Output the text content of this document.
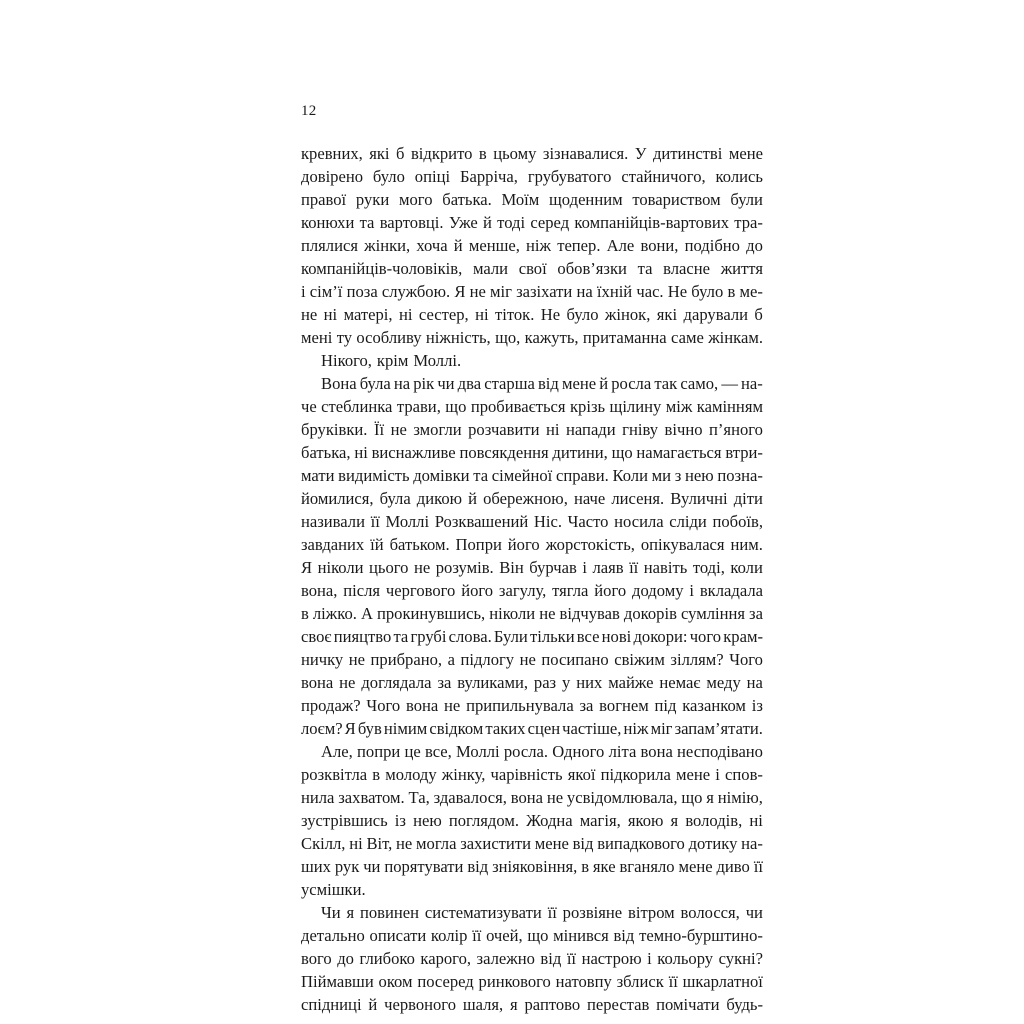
12
кревних, які б відкрито в цьому зізнавалися. У дитинстві мене
довірено було опіці Барріча, грубуватого стайничого, колись
правої руки мого батька. Моїм щоденним товариством були
конюхи та вартовці. Уже й тоді серед компанійців-вартових тра-
плялися жінки, хоча й менше, ніж тепер. Але вони, подібно до
компанійців-чоловіків, мали свої обов’язки та власне життя
і сім’ї поза службою. Я не міг зазіхати на їхній час. Не було в ме-
не ні матері, ні сестер, ні тіток. Не було жінок, які дарували б
мені ту особливу ніжність, що, кажуть, притаманна саме жінкам.
Нікого, крім Моллі.
Вона була на рік чи два старша від мене й росла так само, — на-
че стеблинка трави, що пробивається крізь щілину між камінням
бруківки. Її не змогли розчавити ні напади гніву вічно п’яного
батька, ні виснажливе повсякдення дитини, що намагається втри-
мати видимість домівки та сімейної справи. Коли ми з нею позна-
йомилися, була дикою й обережною, наче лисеня. Вуличні діти
називали її Моллі Розквашений Ніс. Часто носила сліди побоїв,
завданих їй батьком. Попри його жорстокість, опікувалася ним.
Я ніколи цього не розумів. Він бурчав і лаяв її навіть тоді, коли
вона, після чергового його загулу, тягла його додому і вкладала
в ліжко. А прокинувшись, ніколи не відчував докорів сумління за
своє пияцтво та грубі слова. Були тільки все нові докори: чого крам-
ничку не прибрано, а підлогу не посипано свіжим зіллям? Чого
вона не доглядала за вуликами, раз у них майже немає меду на
продаж? Чого вона не припильнувала за вогнем під казанком із
лоєм? Я був німим свідком таких сцен частіше, ніж міг запам’ятати.
Але, попри це все, Моллі росла. Одного літа вона несподівано
розквітла в молоду жінку, чарівність якої підкорила мене і спов-
нила захватом. Та, здавалося, вона не усвідомлювала, що я німію,
зустрівшись із нею поглядом. Жодна магія, якою я володів, ні
Скілл, ні Віт, не могла захистити мене від випадкового дотику на-
ших рук чи порятувати від зніяковіння, в яке вганяло мене диво її
усмішки.
Чи я повинен систематизувати її розвіяне вітром волосся, чи
детально описати колір її очей, що мінився від темно-бурштино-
вого до глибоко карого, залежно від її настрою і кольору сукні?
Піймавши оком посеред ринкового натовпу зблиск її шкарлатної
спідниці й червоного шаля, я раптово перестав помічати будь-
